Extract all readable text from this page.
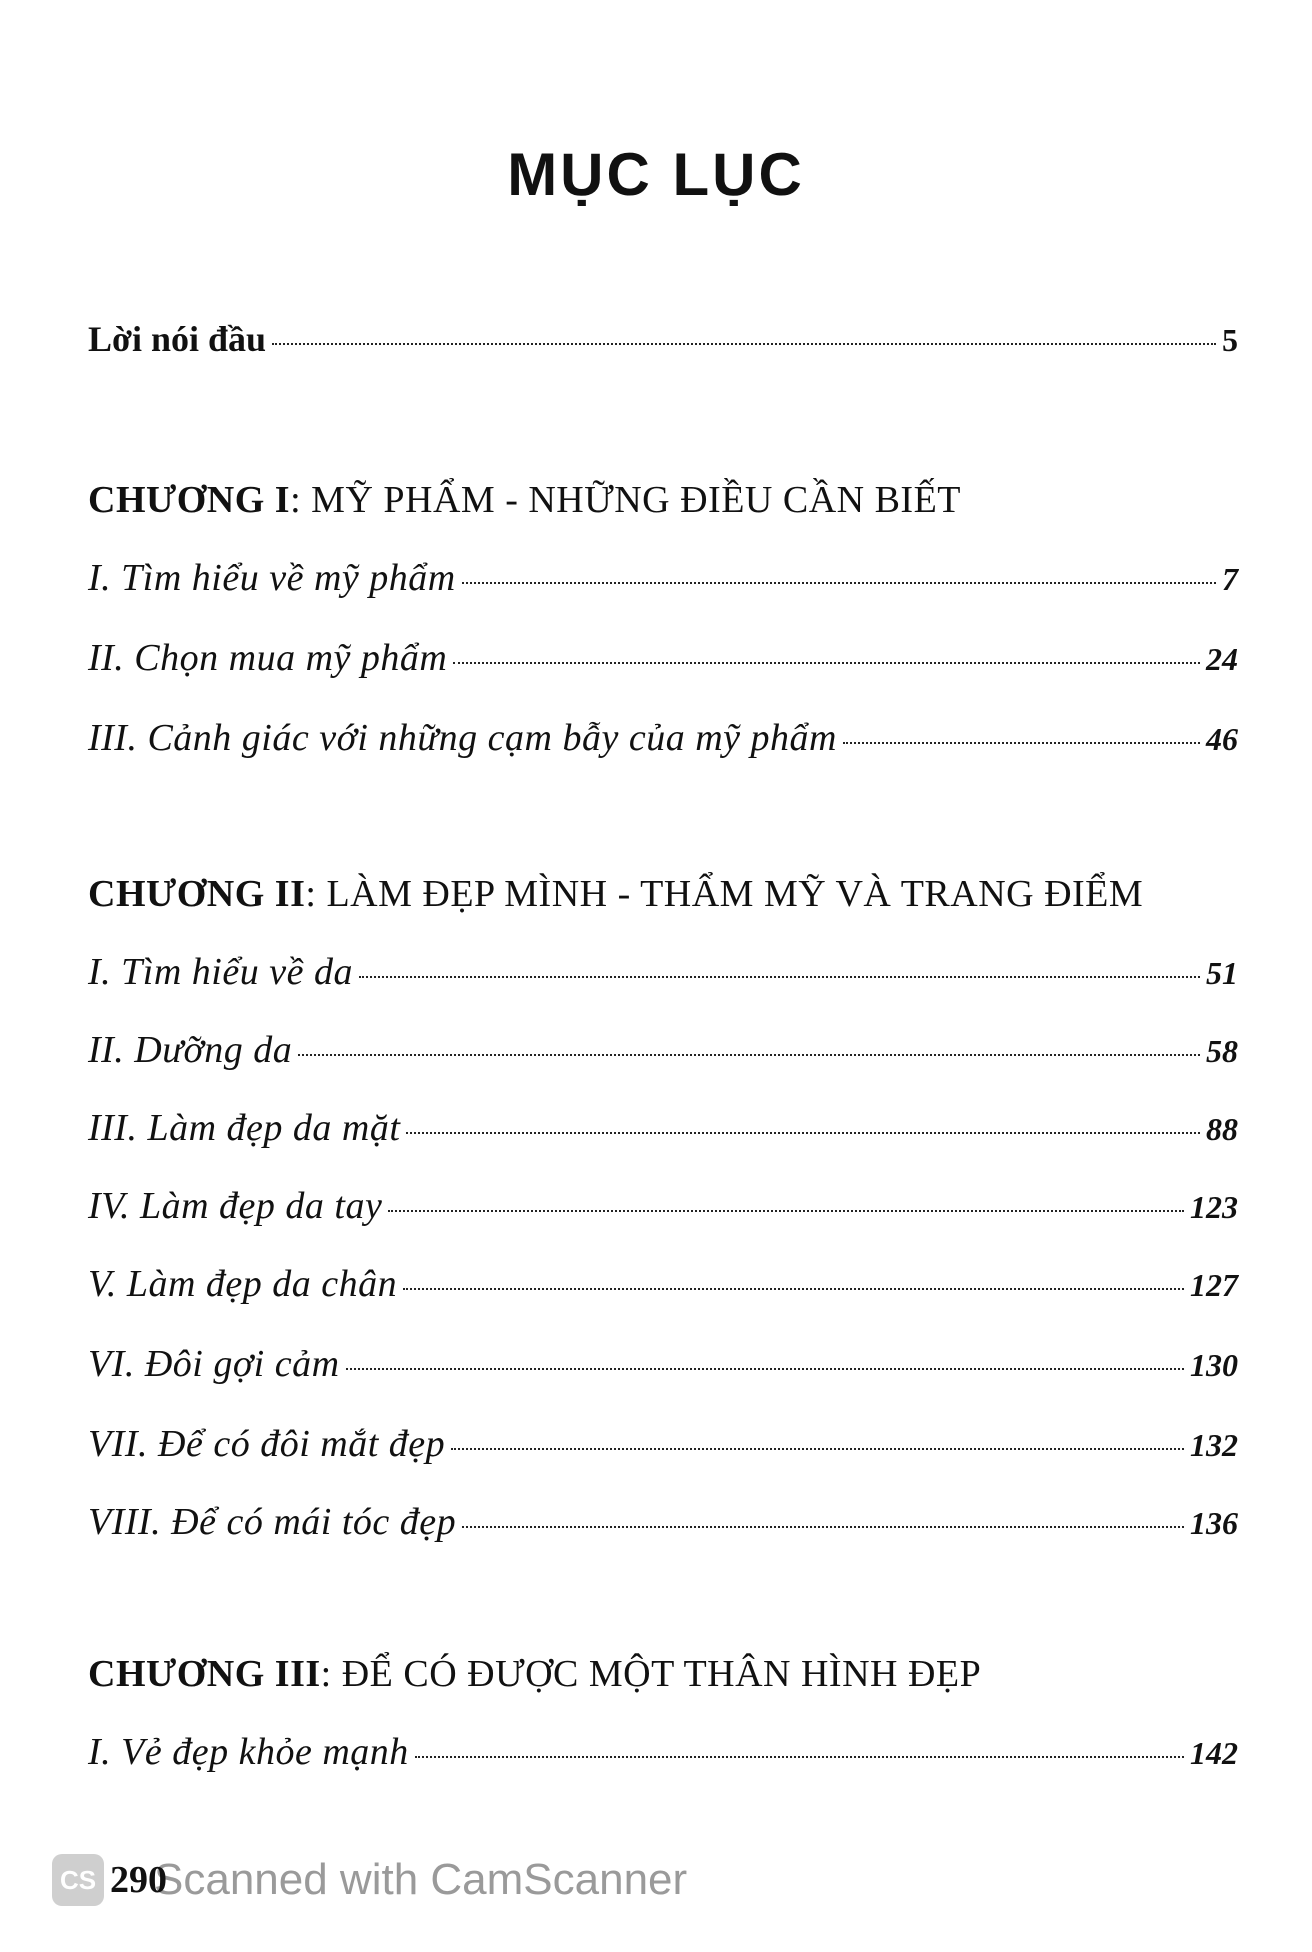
MỤC LỤC
Lời nói đầu	5
CHƯƠNG I: MỸ PHẨM - NHỮNG ĐIỀU CẦN BIẾT
I. Tìm hiểu về mỹ phẩm	7
II. Chọn mua mỹ phẩm	24
III. Cảnh giác với những cạm bẫy của mỹ phẩm	46
CHƯƠNG II: LÀM ĐẸP MÌNH - THẨM MỸ VÀ TRANG ĐIỂM
I. Tìm hiểu về da	51
II. Dưỡng da	58
III. Làm đẹp da mặt	88
IV. Làm đẹp da tay	123
V. Làm đẹp da chân	127
VI. Đôi gợi cảm	130
VII. Để có đôi mắt đẹp	132
VIII. Để có mái tóc đẹp	136
CHƯƠNG III: ĐỂ CÓ ĐƯỢC MỘT THÂN HÌNH ĐẸP
I. Vẻ đẹp khỏe mạnh	142
CS 290
Scanned with CamScanner
